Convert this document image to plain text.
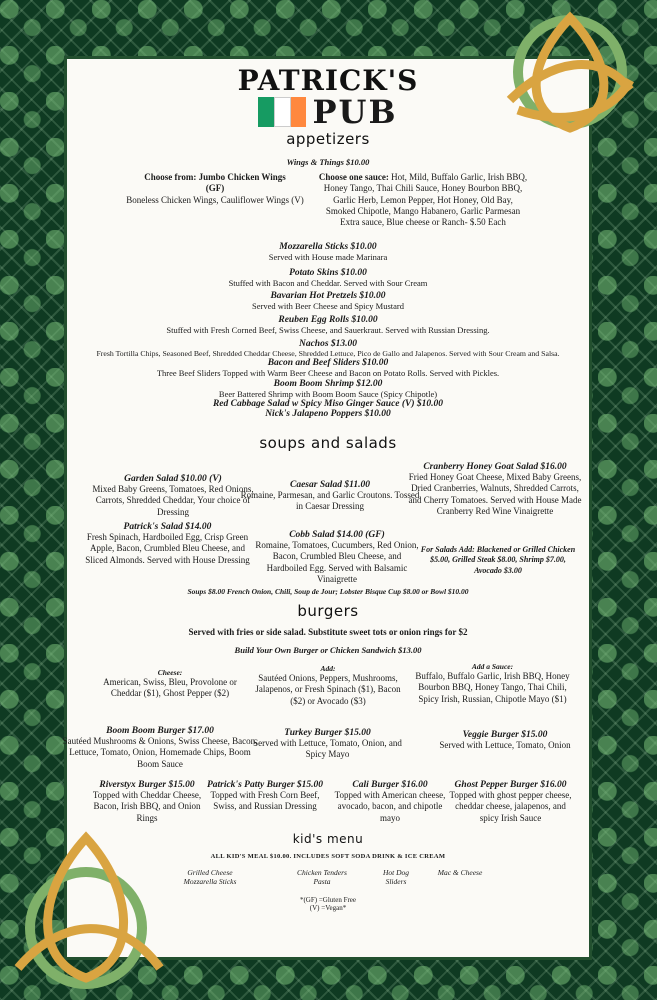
PATRICK'S
PUB
appetizers
Wings & Things $10.00
Choose from: Jumbo Chicken Wings
(GF)
Boneless Chicken Wings, Cauliflower Wings (V)
Choose one sauce: Hot, Mild, Buffalo Garlic, Irish BBQ, Honey Tango, Thai Chili Sauce, Honey Bourbon BBQ, Garlic Herb, Lemon Pepper, Hot Honey, Old Bay, Smoked Chipotle, Mango Habanero, Garlic Parmesan
Extra sauce, Blue cheese or Ranch- $.50 Each
Mozzarella Sticks $10.00
Served with House made Marinara
Potato Skins $10.00
Stuffed with Bacon and Cheddar. Served with Sour Cream
Bavarian Hot Pretzels $10.00
Served with Beer Cheese and Spicy Mustard
Reuben Egg Rolls $10.00
Stuffed with Fresh Corned Beef, Swiss Cheese, and Sauerkraut. Served with Russian Dressing.
Nachos $13.00
Fresh Tortilla Chips, Seasoned Beef, Shredded Cheddar Cheese, Shredded Lettuce, Pico de Gallo and Jalapenos. Served with Sour Cream and Salsa.
Bacon and Beef Sliders $10.00
Three Beef Sliders Topped with Warm Beer Cheese and Bacon on Potato Rolls. Served with Pickles.
Boom Boom Shrimp $12.00
Beer Battered Shrimp with Boom Boom Sauce (Spicy Chipotle)
Red Cabbage Salad w Spicy Miso Ginger Sauce (V) $10.00
Nick's Jalapeno Poppers $10.00
soups and salads
Garden Salad $10.00 (V)
Mixed Baby Greens, Tomatoes, Red Onions, Carrots, Shredded Cheddar, Your choice of Dressing
Caesar Salad $11.00
Romaine, Parmesan, and Garlic Croutons. Tossed in Caesar Dressing
Cranberry Honey Goat Salad $16.00
Fried Honey Goat Cheese, Mixed Baby Greens, Dried Cranberries, Walnuts, Shredded Carrots, and Cherry Tomatoes. Served with House Made Cranberry Red Wine Vinaigrette
Patrick's Salad $14.00
Fresh Spinach, Hardboiled Egg, Crisp Green Apple, Bacon, Crumbled Bleu Cheese, and Sliced Almonds. Served with House Dressing
Cobb Salad $14.00 (GF)
Romaine, Tomatoes, Cucumbers, Red Onion, Bacon, Crumbled Bleu Cheese, and Hardboiled Egg. Served with Balsamic Vinaigrette
For Salads Add: Blackened or Grilled Chicken $5.00, Grilled Steak $8.00, Shrimp $7.00, Avocado $3.00
Soups $8.00 French Onion, Chili, Soup de Jour; Lobster Bisque Cup $8.00 or Bowl $10.00
burgers
Served with fries or side salad. Substitute sweet tots or onion rings for $2
Build Your Own Burger or Chicken Sandwich $13.00
Cheese:
American, Swiss, Bleu, Provolone or Cheddar ($1), Ghost Pepper ($2)
Add:
Sautéed Onions, Peppers, Mushrooms, Jalapenos, or Fresh Spinach ($1), Bacon ($2) or Avocado ($3)
Add a Sauce:
Buffalo, Buffalo Garlic, Irish BBQ, Honey Bourbon BBQ, Honey Tango, Thai Chili, Spicy Irish, Russian, Chipotle Mayo ($1)
Boom Boom Burger $17.00
Sautéed Mushrooms & Onions, Swiss Cheese, Bacon, Lettuce, Tomato, Onion, Homemade Chips, Boom Boom Sauce
Turkey Burger $15.00
Served with Lettuce, Tomato, Onion, and Spicy Mayo
Veggie Burger $15.00
Served with Lettuce, Tomato, Onion
Riverstyx Burger $15.00
Topped with Cheddar Cheese, Bacon, Irish BBQ, and Onion Rings
Patrick's Patty Burger $15.00
Topped with Fresh Corn Beef, Swiss, and Russian Dressing
Cali Burger $16.00
Topped with American cheese, avocado, bacon, and chipotle mayo
Ghost Pepper Burger $16.00
Topped with ghost pepper cheese, cheddar cheese, jalapenos, and spicy Irish Sauce
kid's menu
ALL KID'S MEAL $10.00. INCLUDES SOFT SODA DRINK & ICE CREAM
Grilled Cheese
Mozzarella Sticks
Chicken Tenders
Pasta
Hot Dog
Sliders
Mac & Cheese
*(GF) =Gluten Free
(V) =Vegan*
